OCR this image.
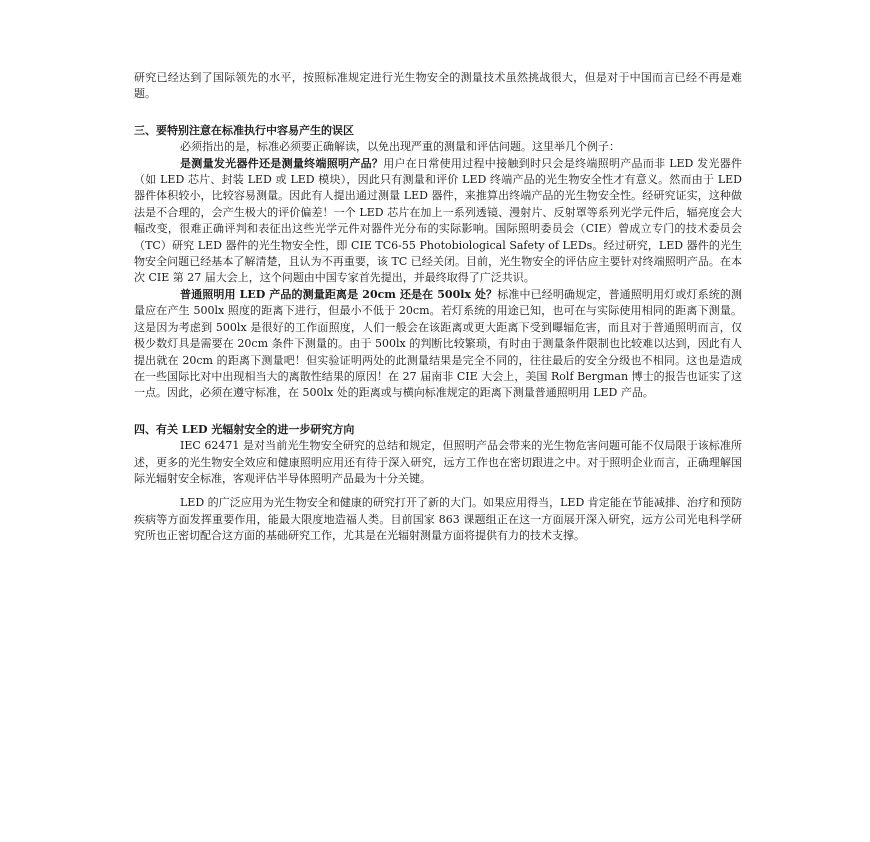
研究已经达到了国际领先的水平，按照标准规定进行光生物安全的测量技术虽然挑战很大，但是对于中国而言已经不再是难题。

三、要特别注意在标准执行中容易产生的误区

必须指出的是，标准必须要正确解读，以免出现严重的测量和评估问题。这里举几个例子：

是测量发光器件还是测量终端照明产品？用户在日常使用过程中接触到时只会是终端照明产品而非 LED 发光器件（如 LED 芯片、封装 LED 或 LED 模块），因此只有测量和评价 LED 终端产品的光生物安全性才有意义。然而由于 LED 器件体积较小，比较容易测量。因此有人提出通过测量 LED 器件，来推算出终端产品的光生物安全性。经研究证实，这种做法是不合理的，会产生极大的评价偏差！一个 LED 芯片在加上一系列透镜、漫射片、反射罩等系列光学元件后，辐亮度会大幅改变，很难正确评判和表征出这些光学元件对器件光分布的实际影响。国际照明委员会（CIE）曾成立专门的技术委员会（TC）研究 LED 器件的光生物安全性，即 CIE TC6-55 Photobiological Safety of LEDs。经过研究，LED 器件的光生物安全问题已经基本了解清楚，且认为不再重要，该 TC 已经关闭。目前，光生物安全的评估应主要针对终端照明产品。在本次 CIE 第 27 届大会上，这个问题由中国专家首先提出，并最终取得了广泛共识。

普通照明用 LED 产品的测量距离是 20cm 还是在 500lx 处？标准中已经明确规定，普通照明用灯或灯系统的测量应在产生 500lx 照度的距离下进行，但最小不低于 20cm。若灯系统的用途已知，也可在与实际使用相同的距离下测量。这是因为考虑到 500lx 是很好的工作面照度，人们一般会在该距离或更大距离下受到曝辐危害，而且对于普通照明而言，仅极少数灯具是需要在 20cm 条件下测量的。由于 500lx 的判断比较繁琐，有时由于测量条件限制也比较难以达到，因此有人提出就在 20cm 的距离下测量吧！但实验证明两处的此测量结果是完全不同的，往往最后的安全分级也不相同。这也是造成在一些国际比对中出现相当大的离散性结果的原因！在 27 届南非 CIE 大会上，美国 Rolf Bergman 博士的报告也证实了这一点。因此，必须在遵守标准，在 500lx 处的距离或与横向标准规定的距离下测量普通照明用 LED 产品。

四、有关 LED 光辐射安全的进一步研究方向

IEC 62471 是对当前光生物安全研究的总结和规定，但照明产品会带来的光生物危害问题可能不仅局限于该标准所述，更多的光生物安全效应和健康照明应用还有待于深入研究，远方工作也在密切跟进之中。对于照明企业而言，正确理解国际光辐射安全标准，客观评估半导体照明产品最为十分关键。

LED 的广泛应用为光生物安全和健康的研究打开了新的大门。如果应用得当，LED 肯定能在节能减排、治疗和预防疾病等方面发挥重要作用，能最大限度地造福人类。目前国家 863 课题组正在这一方面展开深入研究，远方公司光电科学研究所也正密切配合这方面的基础研究工作，尤其是在光辐射测量方面将提供有力的技术支撑。
